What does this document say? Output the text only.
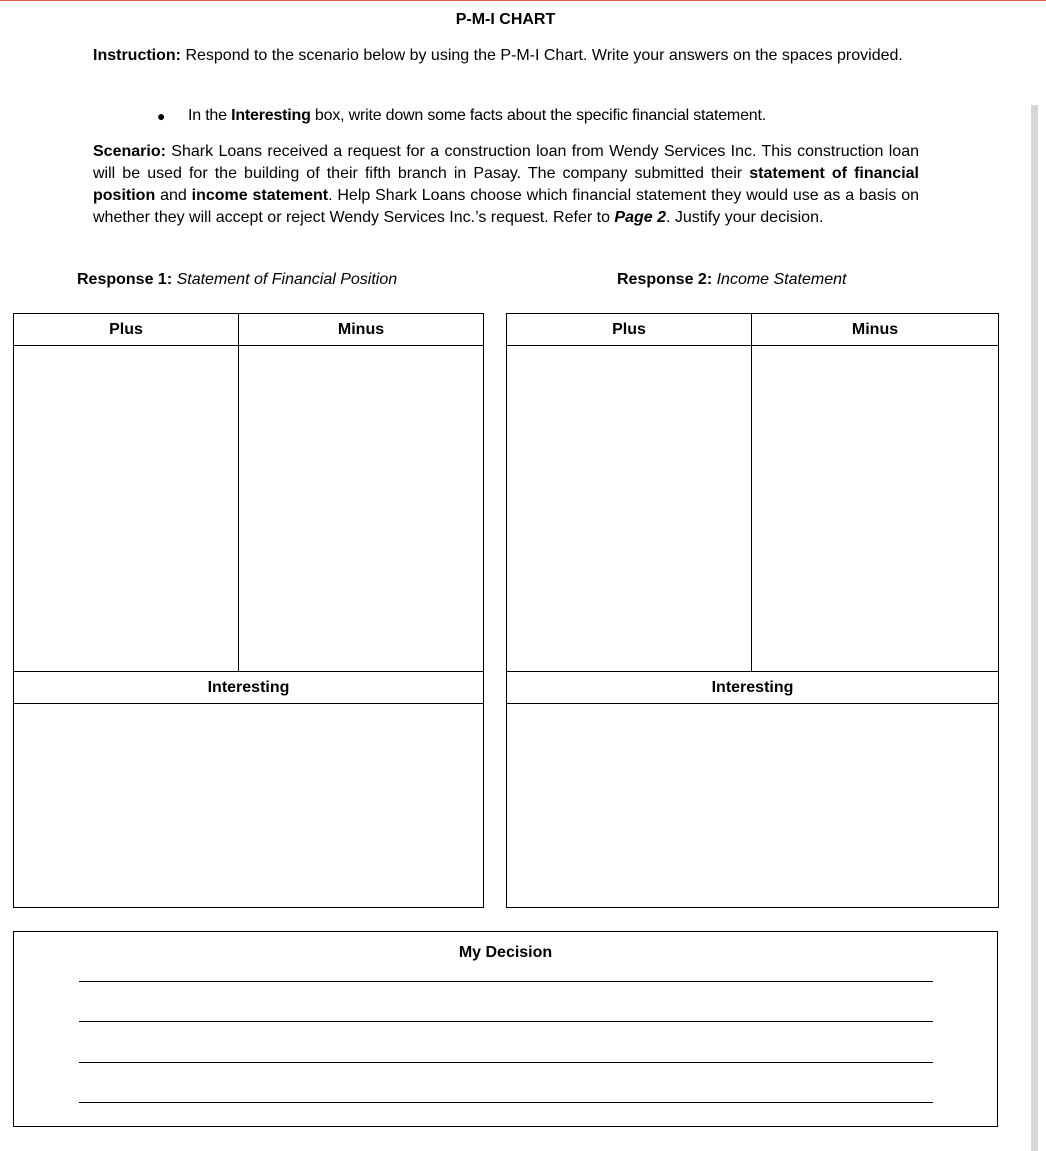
P-M-I CHART
Instruction: Respond to the scenario below by using the P-M-I Chart. Write your answers on the spaces provided.
● In the Interesting box, write down some facts about the specific financial statement.
Scenario: Shark Loans received a request for a construction loan from Wendy Services Inc. This construction loan will be used for the building of their fifth branch in Pasay. The company submitted their statement of financial position and income statement. Help Shark Loans choose which financial statement they would use as a basis on whether they will accept or reject Wendy Services Inc.’s request. Refer to Page 2. Justify your decision.
Response 1: Statement of Financial Position	Response 2: Income Statement
Plus	Minus

Interesting	

Plus	Minus

Interesting	

My Decision
